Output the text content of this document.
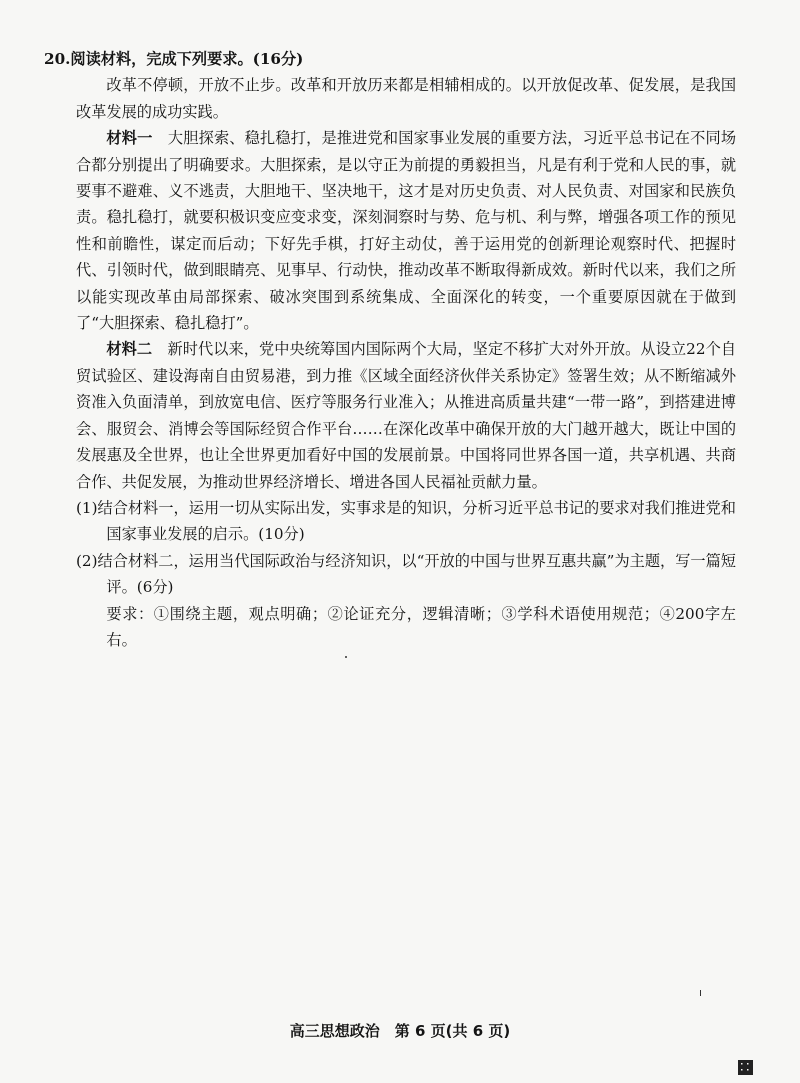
20.阅读材料，完成下列要求。(16分)

改革不停顿，开放不止步。改革和开放历来都是相辅相成的。以开放促改革、促发展，是我国改革发展的成功实践。

材料一　 大胆探索、稳扎稳打，是推进党和国家事业发展的重要方法，习近平总书记在不同场合都分别提出了明确要求。大胆探索，是以守正为前提的勇毅担当，凡是有利于党和人民的事，就要事不避难、义不逃责，大胆地干、坚决地干，这才是对历史负责、对人民负责、对国家和民族负责。稳扎稳打，就要积极识变应变求变，深刻洞察时与势、危与机、利与弊，增强各项工作的预见性和前瞻性，谋定而后动；下好先手棋，打好主动仗，善于运用党的创新理论观察时代、把握时代、引领时代，做到眼睛亮、见事早、行动快，推动改革不断取得新成效。新时代以来，我们之所以能实现改革由局部探索、破冰突围到系统集成、全面深化的转变，一个重要原因就在于做到了“大胆探索、稳扎稳打”。

材料二　 新时代以来，党中央统筹国内国际两个大局，坚定不移扩大对外开放。从设立22个自贸试验区、建设海南自由贸易港，到力推《区域全面经济伙伴关系协定》签署生效；从不断缩减外资准入负面清单，到放宽电信、医疗等服务行业准入；从推进高质量共建“一带一路”，到搭建进博会、服贸会、消博会等国际经贸合作平台……在深化改革中确保开放的大门越开越大，既让中国的发展惠及全世界，也让全世界更加看好中国的发展前景。中国将同世界各国一道，共享机遇、共商合作、共促发展，为推动世界经济增长、增进各国人民福祉贡献力量。

(1)结合材料一，运用一切从实际出发，实事求是的知识，分析习近平总书记的要求对我们推进党和国家事业发展的启示。(10分)

(2)结合材料二，运用当代国际政治与经济知识，以“开放的中国与世界互惠共赢”为主题，写一篇短评。(6分)

要求：①围绕主题，观点明确；②论证充分，逻辑清晰；③学科术语使用规范；④200字左右。

高三思想政治　第 6 页(共 6 页)
